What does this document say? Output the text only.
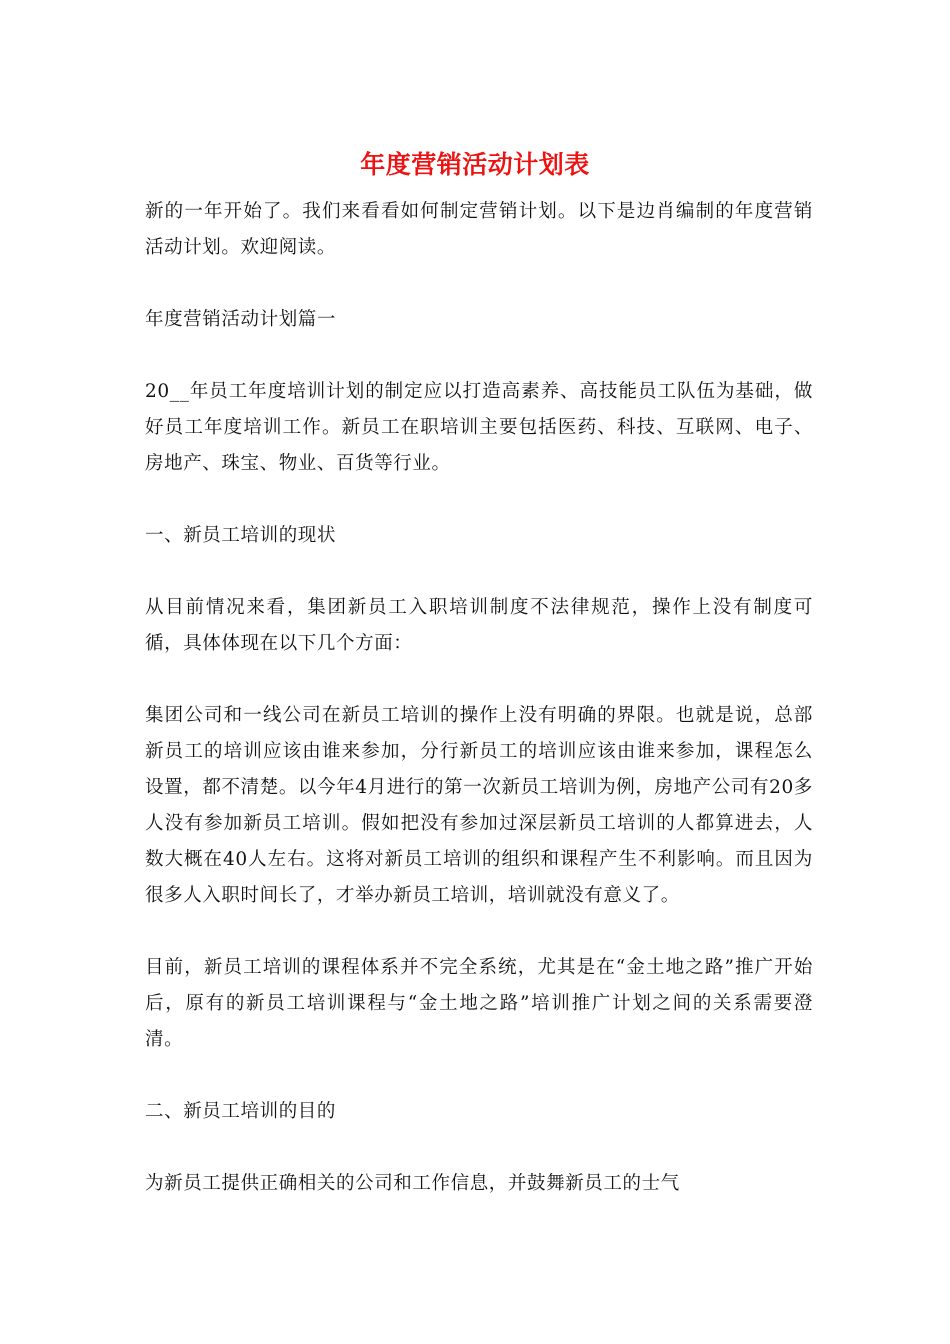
年度营销活动计划表

新的一年开始了。我们来看看如何制定营销计划。以下是边肖编制的年度营销活动计划。欢迎阅读。

年度营销活动计划篇一

20__年员工年度培训计划的制定应以打造高素养、高技能员工队伍为基础，做好员工年度培训工作。新员工在职培训主要包括医药、科技、互联网、电子、房地产、珠宝、物业、百货等行业。

一、新员工培训的现状

从目前情况来看，集团新员工入职培训制度不法律规范，操作上没有制度可循，具体体现在以下几个方面：

集团公司和一线公司在新员工培训的操作上没有明确的界限。也就是说，总部新员工的培训应该由谁来参加，分行新员工的培训应该由谁来参加，课程怎么设置，都不清楚。以今年4月进行的第一次新员工培训为例，房地产公司有20多人没有参加新员工培训。假如把没有参加过深层新员工培训的人都算进去，人数大概在40人左右。这将对新员工培训的组织和课程产生不利影响。而且因为很多人入职时间长了，才举办新员工培训，培训就没有意义了。

目前，新员工培训的课程体系并不完全系统，尤其是在“金土地之路”推广开始后，原有的新员工培训课程与“金土地之路”培训推广计划之间的关系需要澄清。

二、新员工培训的目的

为新员工提供正确相关的公司和工作信息，并鼓舞新员工的士气
